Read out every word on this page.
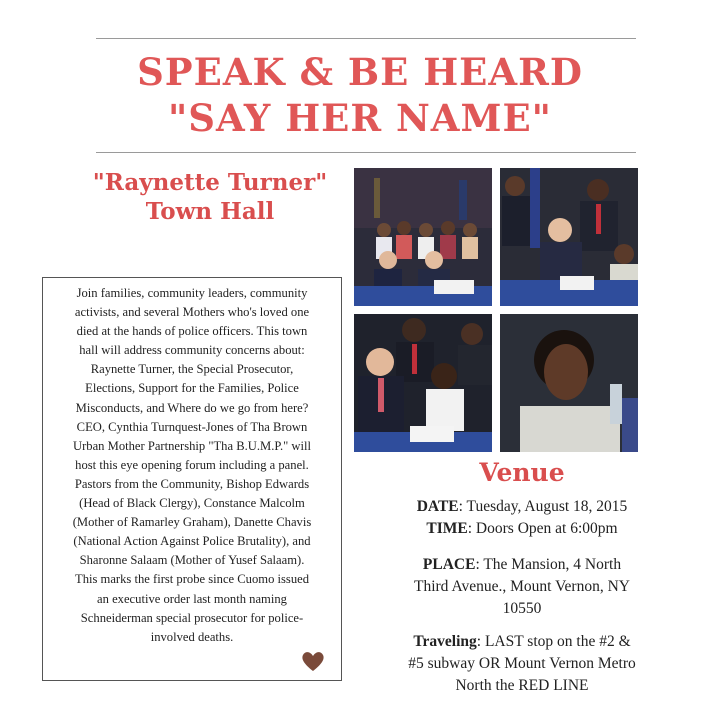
SPEAK & BE HEARD
"SAY HER NAME"
"Raynette Turner"
Town Hall
Join families, community leaders, community
activists, and several Mothers who's loved one
died at the hands of police officers. This town
hall will address community concerns about:
Raynette Turner, the Special Prosecutor,
Elections, Support for the Families, Police
Misconducts, and Where do we go from here?
CEO, Cynthia Turnquest-Jones of Tha Brown
Urban Mother Partnership "Tha B.U.M.P." will
host this eye opening forum including a panel.
Pastors from the Community, Bishop Edwards
(Head of Black Clergy), Constance Malcolm
(Mother of Ramarley Graham), Danette Chavis
(National Action Against Police Brutality), and
Sharonne Salaam (Mother of Yusef Salaam).
This marks the first probe since Cuomo issued
an executive order last month naming
Schneiderman special prosecutor for police-
involved deaths.
Venue
DATE: Tuesday, August 18, 2015
TIME: Doors Open at 6:00pm
PLACE: The Mansion, 4 North
Third Avenue., Mount Vernon, NY
10550
Traveling: LAST stop on the #2 &
#5 subway OR Mount Vernon Metro
North the RED LINE
